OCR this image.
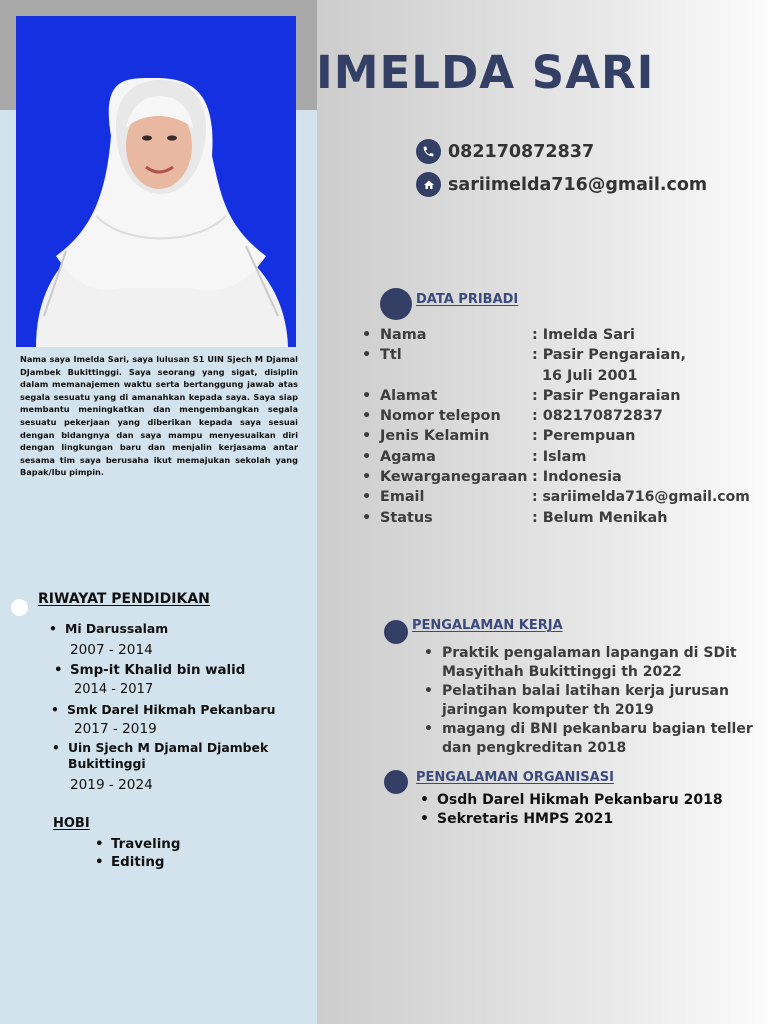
Nama saya Imelda Sari, saya lulusan S1 UIN Sjech M Djamal DJambek Bukittinggi. Saya seorang yang sigat, disiplin dalam memanajemen waktu serta bertanggung jawab atas segala sesuatu yang di amanahkan kepada saya. Saya siap membantu meningkatkan dan mengembangkan segala sesuatu pekerjaan yang diberikan kepada saya sesuai dengan bidangnya dan saya mampu menyesuaikan diri dengan lingkungan baru dan menjalin kerjasama antar sesama tim saya berusaha ikut memajukan sekolah yang Bapak/Ibu pimpin.
IMELDA SARI
082170872837
sariimelda716@gmail.com
DATA PRIBADI
• Nama	: Imelda Sari
• Ttl	: Pasir Pengaraian,
16 Juli 2001
• Alamat	: Pasir Pengaraian
• Nomor telepon	: 082170872837
• Jenis Kelamin	: Perempuan
• Agama	: Islam
• Kewarganegaraan : Indonesia
• Email	: sariimelda716@gmail.com
• Status	: Belum Menikah
RIWAYAT PENDIDIKAN
• Mi Darussalam
2007 - 2014
• Smp-it Khalid bin walid
2014 - 2017
• Smk Darel Hikmah Pekanbaru
2017 - 2019
• Uin Sjech M Djamal Djambek Bukittinggi
2019 - 2024
HOBI
• Traveling
• Editing
PENGALAMAN KERJA
• Praktik pengalaman lapangan di SDit Masyithah Bukittinggi th 2022
• Pelatihan balai latihan kerja jurusan jaringan komputer th 2019
• magang di BNI pekanbaru bagian teller dan pengkreditan 2018
PENGALAMAN ORGANISASI
• Osdh Darel Hikmah Pekanbaru 2018
• Sekretaris HMPS 2021
